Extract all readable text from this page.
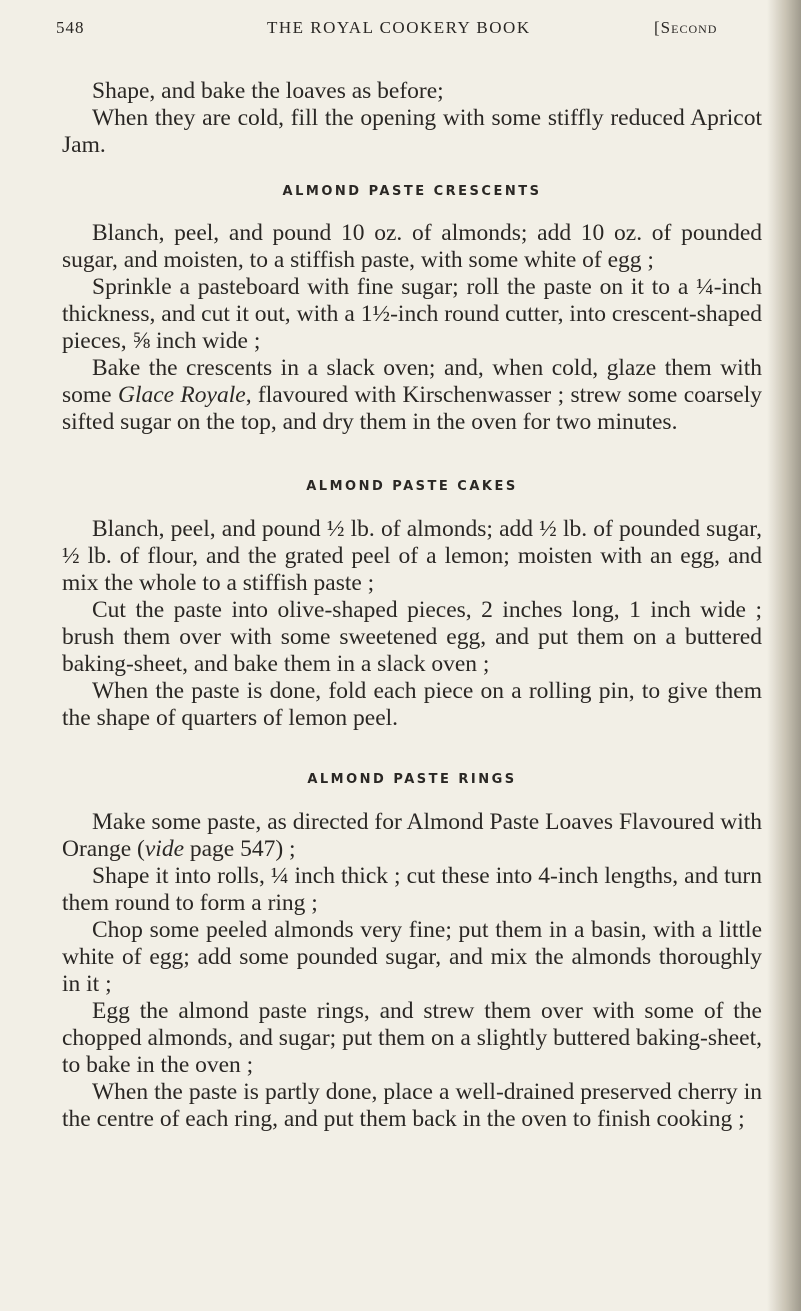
548	THE ROYAL COOKERY BOOK	[Second

Shape, and bake the loaves as before;

When they are cold, fill the opening with some stiffly reduced Apricot Jam.

ALMOND PASTE CRESCENTS

Blanch, peel, and pound 10 oz. of almonds; add 10 oz. of pounded sugar, and moisten, to a stiffish paste, with some white of egg ;

Sprinkle a pasteboard with fine sugar; roll the paste on it to a ¼-inch thickness, and cut it out, with a 1½-inch round cutter, into crescent-shaped pieces, ⅝ inch wide ;

Bake the crescents in a slack oven; and, when cold, glaze them with some Glace Royale, flavoured with Kirschenwasser ; strew some coarsely sifted sugar on the top, and dry them in the oven for two minutes.

ALMOND PASTE CAKES

Blanch, peel, and pound ½ lb. of almonds; add ½ lb. of pounded sugar, ½ lb. of flour, and the grated peel of a lemon; moisten with an egg, and mix the whole to a stiffish paste ;

Cut the paste into olive-shaped pieces, 2 inches long, 1 inch wide ; brush them over with some sweetened egg, and put them on a buttered baking-sheet, and bake them in a slack oven ;

When the paste is done, fold each piece on a rolling pin, to give them the shape of quarters of lemon peel.

ALMOND PASTE RINGS

Make some paste, as directed for Almond Paste Loaves Flavoured with Orange (vide page 547) ;

Shape it into rolls, ¼ inch thick ; cut these into 4-inch lengths, and turn them round to form a ring ;

Chop some peeled almonds very fine; put them in a basin, with a little white of egg; add some pounded sugar, and mix the almonds thoroughly in it ;

Egg the almond paste rings, and strew them over with some of the chopped almonds, and sugar; put them on a slightly buttered baking-sheet, to bake in the oven ;

When the paste is partly done, place a well-drained preserved cherry in the centre of each ring, and put them back in the oven to finish cooking ;
